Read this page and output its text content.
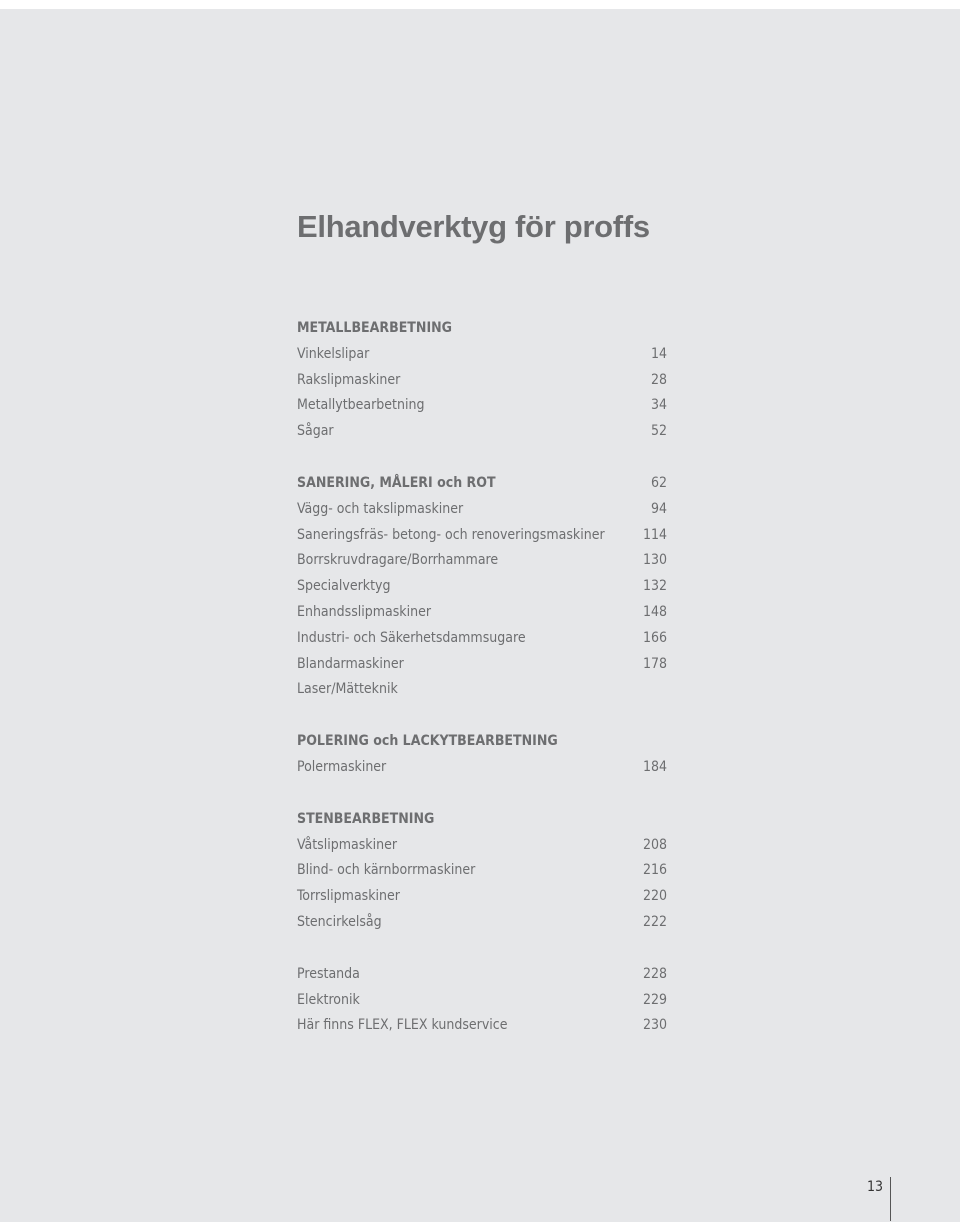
Elhandverktyg för proffs
METALLBEARBETNING
Vinkelslipar	14
Rakslipmaskiner	28
Metallytbearbetning	34
Sågar	52
SANERING, MÅLERI och ROT	62
Vägg- och takslipmaskiner	94
Saneringsfräs- betong- och renoveringsmaskiner	114
Borrskruvdragare/Borrhammare	130
Specialverktyg	132
Enhandsslipmaskiner	148
Industri- och Säkerhetsdammsugare	166
Blandarmaskiner	178
Laser/Mätteknik
POLERING och LACKYTBEARBETNING
Polermaskiner	184
STENBEARBETNING
Våtslipmaskiner	208
Blind- och kärnborrmaskiner	216
Torrslipmaskiner	220
Stencirkelsåg	222
Prestanda	228
Elektronik	229
Här finns FLEX, FLEX kundservice	230
13
